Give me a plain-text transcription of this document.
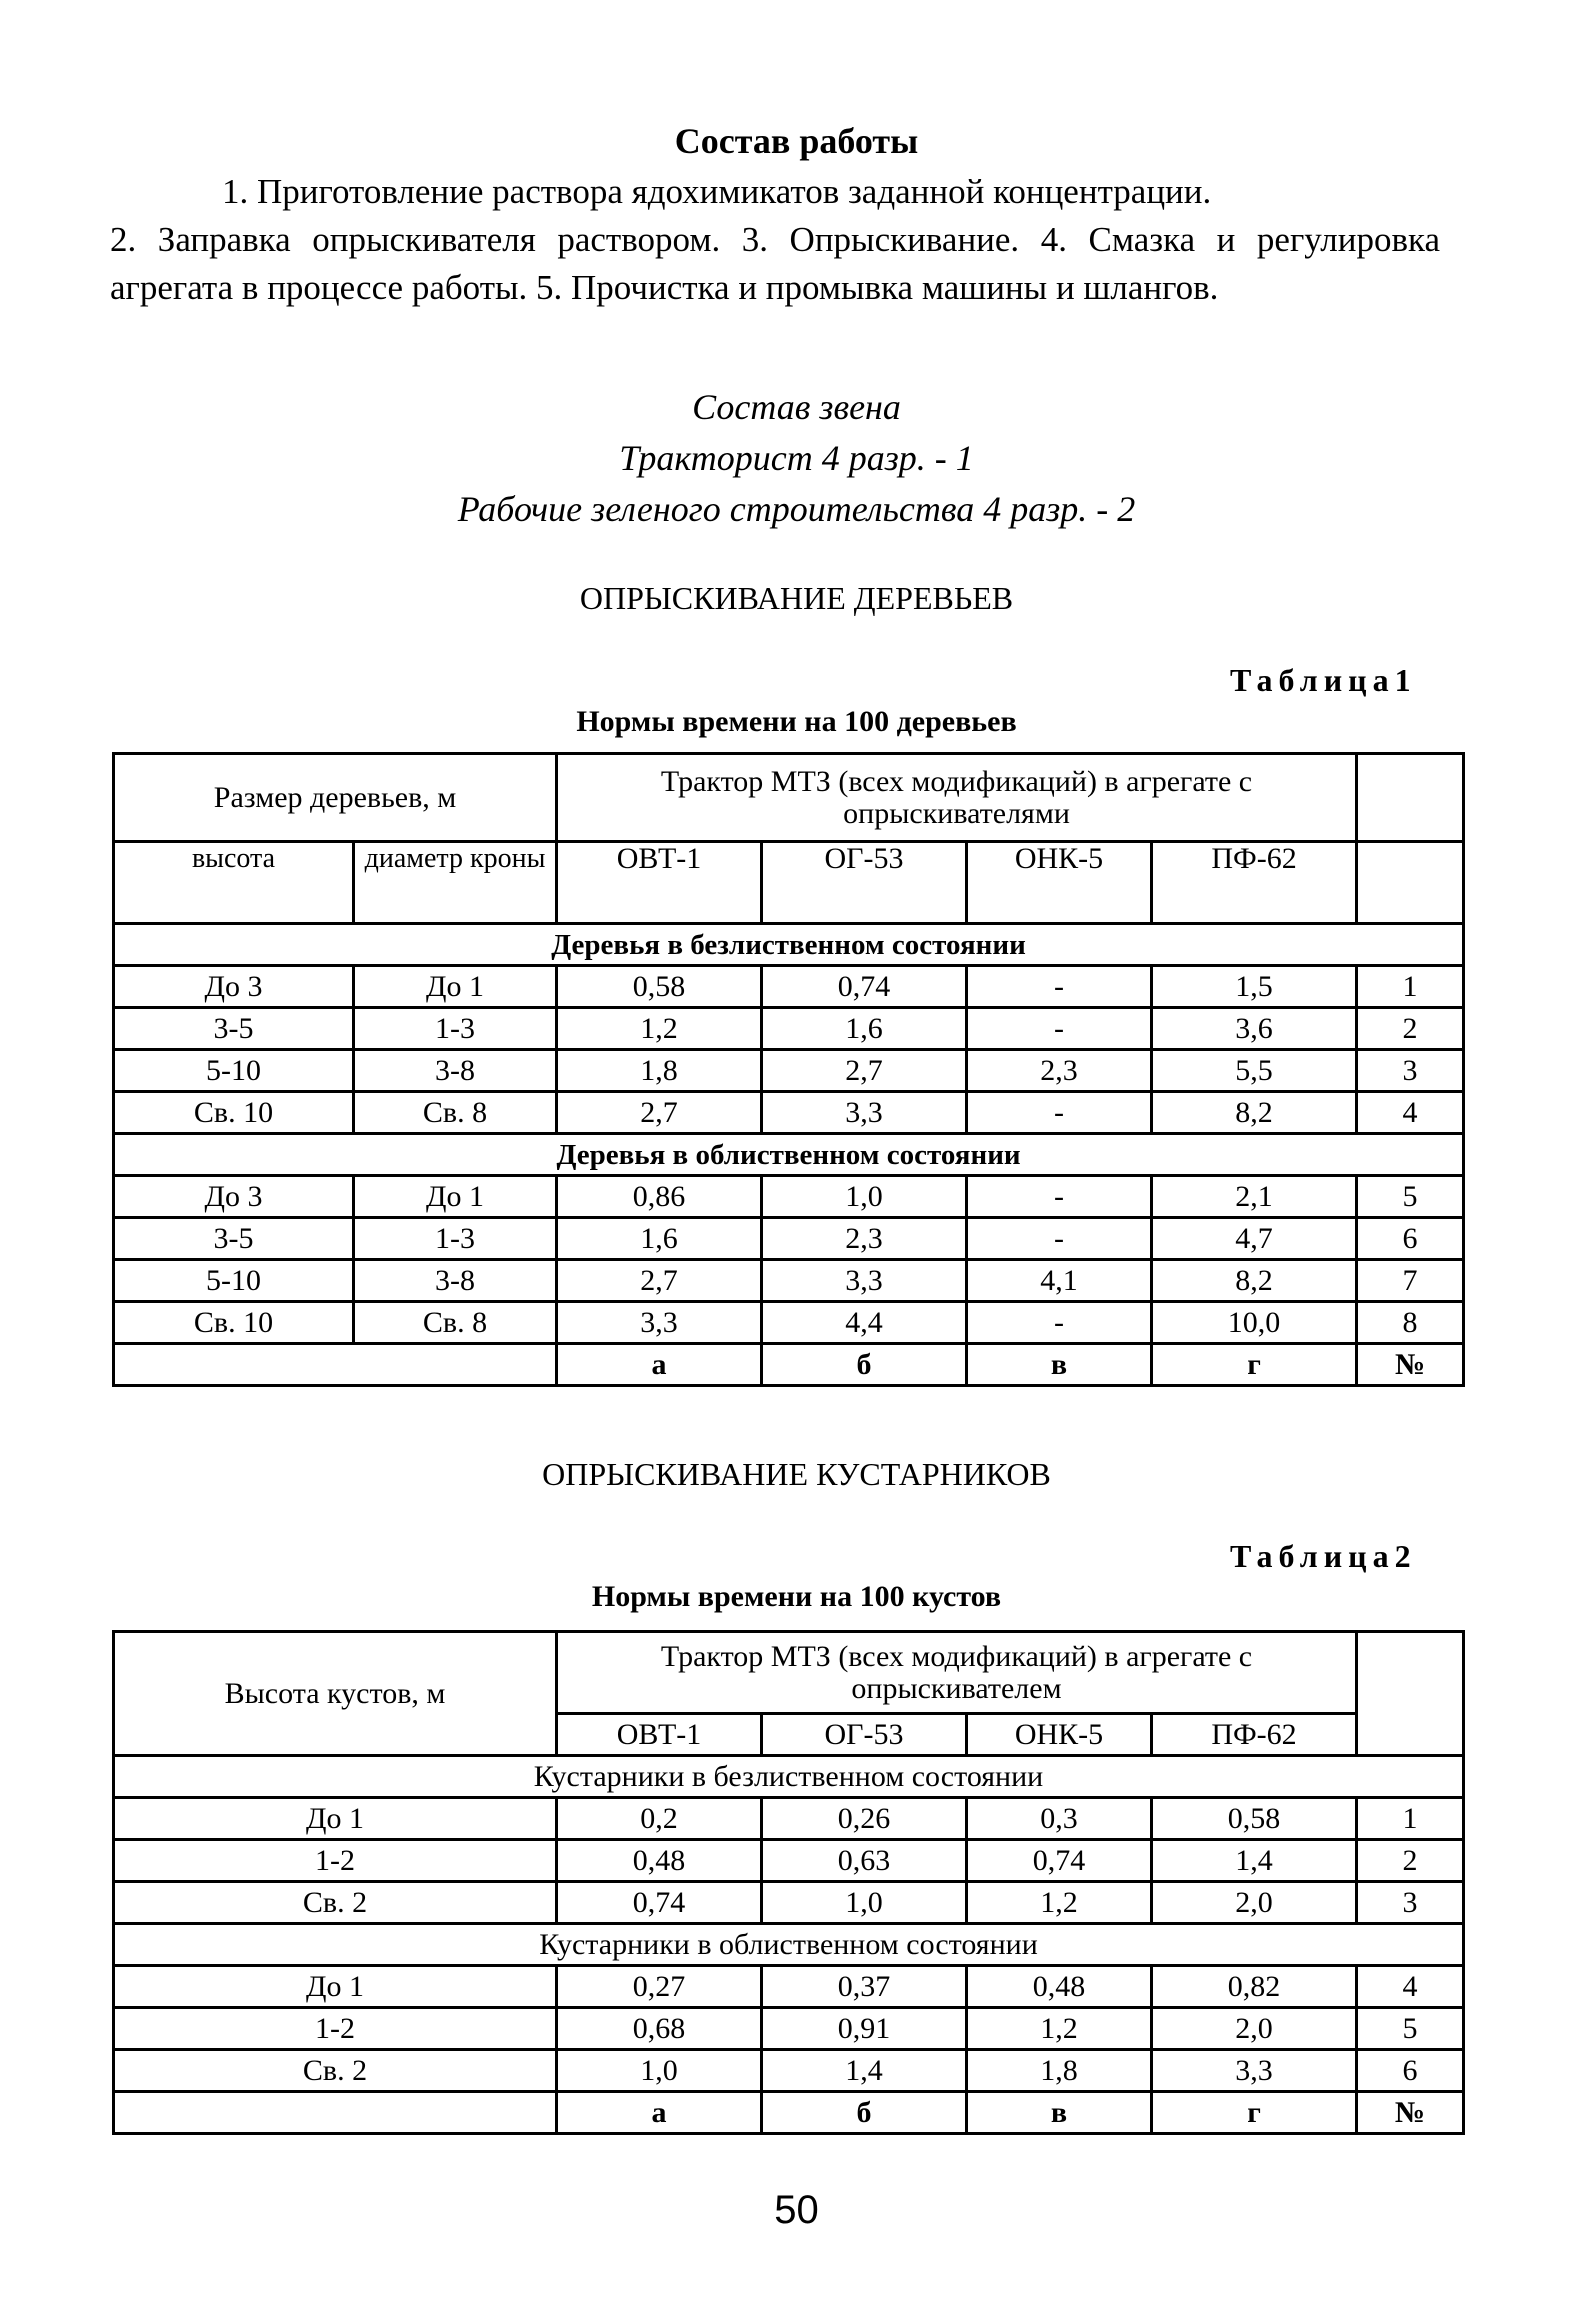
Состав работы
1. Приготовление раствора ядохимикатов заданной концентрации.
2. Заправка опрыскивателя раствором. 3. Опрыскивание. 4. Смазка и регулировка агрегата в процессе работы. 5. Прочистка и промывка машины и шлангов.
Состав звена
Тракторист 4 разр. - 1
Рабочие зеленого строительства 4 разр. - 2
ОПРЫСКИВАНИЕ ДЕРЕВЬЕВ
Таблица1
Нормы времени на 100 деревьев
Размер деревьев, м		Трактор МТЗ (всех модификаций) в агрегате с опрыскивателями				
высота	диаметр кроны	ОВТ-1	ОГ-53	ОНК-5	ПФ-62	
Деревья в безлиственном состоянии						
До 3	До 1	0,58	0,74	-	1,5	1
3-5	1-3	1,2	1,6	-	3,6	2
5-10	3-8	1,8	2,7	2,3	5,5	3
Св. 10	Св. 8	2,7	3,3	-	8,2	4
Деревья в облиственном состоянии						
До 3	До 1	0,86	1,0	-	2,1	5
3-5	1-3	1,6	2,3	-	4,7	6
5-10	3-8	2,7	3,3	4,1	8,2	7
Св. 10	Св. 8	3,3	4,4	-	10,0	8
		а	б	в	г	№
ОПРЫСКИВАНИЕ КУСТАРНИКОВ
Таблица2
Нормы времени на 100 кустов
Высота кустов, м	Трактор МТЗ (всех модификаций) в агрегате с опрыскивателем				
	ОВТ-1	ОГ-53	ОНК-5	ПФ-62	
Кустарники в безлиственном состоянии					
До 1	0,2	0,26	0,3	0,58	1
1-2	0,48	0,63	0,74	1,4	2
Св. 2	0,74	1,0	1,2	2,0	3
Кустарники в облиственном состоянии					
До 1	0,27	0,37	0,48	0,82	4
1-2	0,68	0,91	1,2	2,0	5
Св. 2	1,0	1,4	1,8	3,3	6
	а	б	в	г	№
50
